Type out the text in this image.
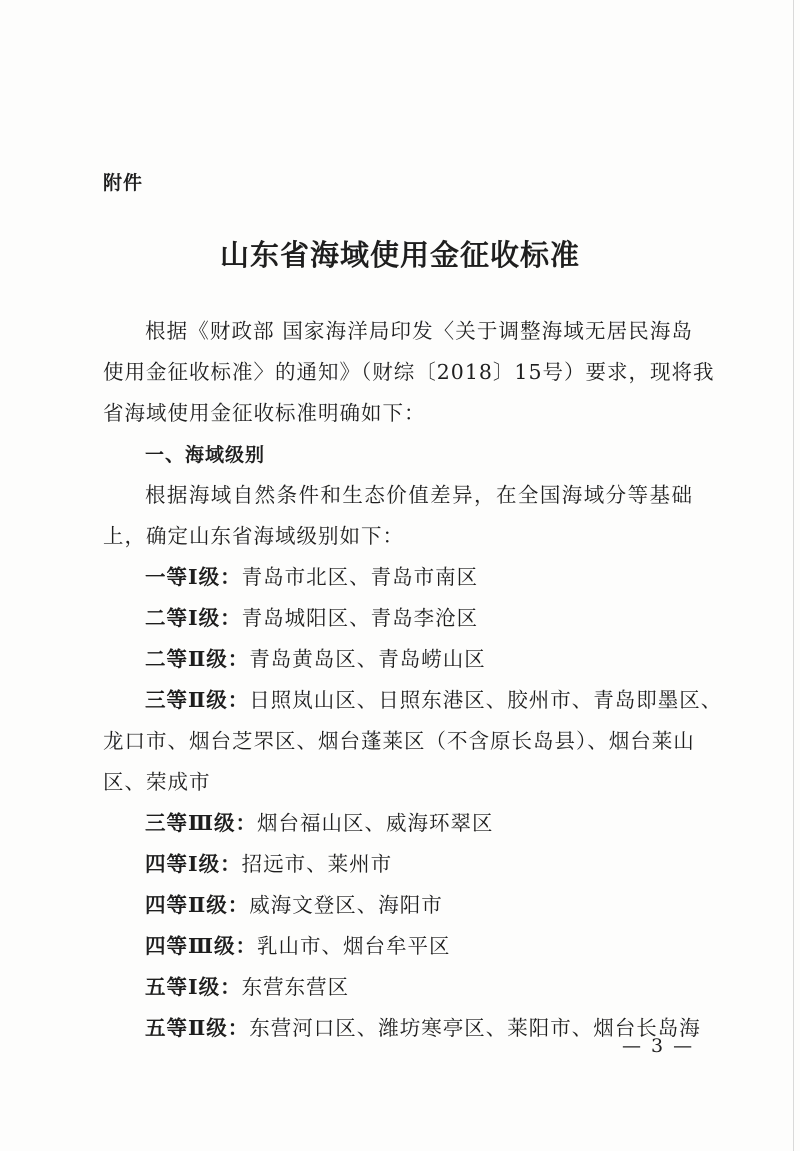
附件
山东省海域使用金征收标准
根据《财政部 国家海洋局印发〈关于调整海域无居民海岛
使用金征收标准〉的通知》（财综〔2018〕15号）要求，现将我
省海域使用金征收标准明确如下：
一、海域级别
根据海域自然条件和生态价值差异，在全国海域分等基础
上，确定山东省海域级别如下：
一等Ⅰ级：青岛市北区、青岛市南区
二等Ⅰ级：青岛城阳区、青岛李沧区
二等Ⅱ级：青岛黄岛区、青岛崂山区
三等Ⅱ级：日照岚山区、日照东港区、胶州市、青岛即墨区、
龙口市、烟台芝罘区、烟台蓬莱区（不含原长岛县）、烟台莱山
区、荣成市
三等Ⅲ级：烟台福山区、威海环翠区
四等Ⅰ级：招远市、莱州市
四等Ⅱ级：威海文登区、海阳市
四等Ⅲ级：乳山市、烟台牟平区
五等Ⅰ级：东营东营区
五等Ⅱ级：东营河口区、潍坊寒亭区、莱阳市、烟台长岛海
— 3 —
